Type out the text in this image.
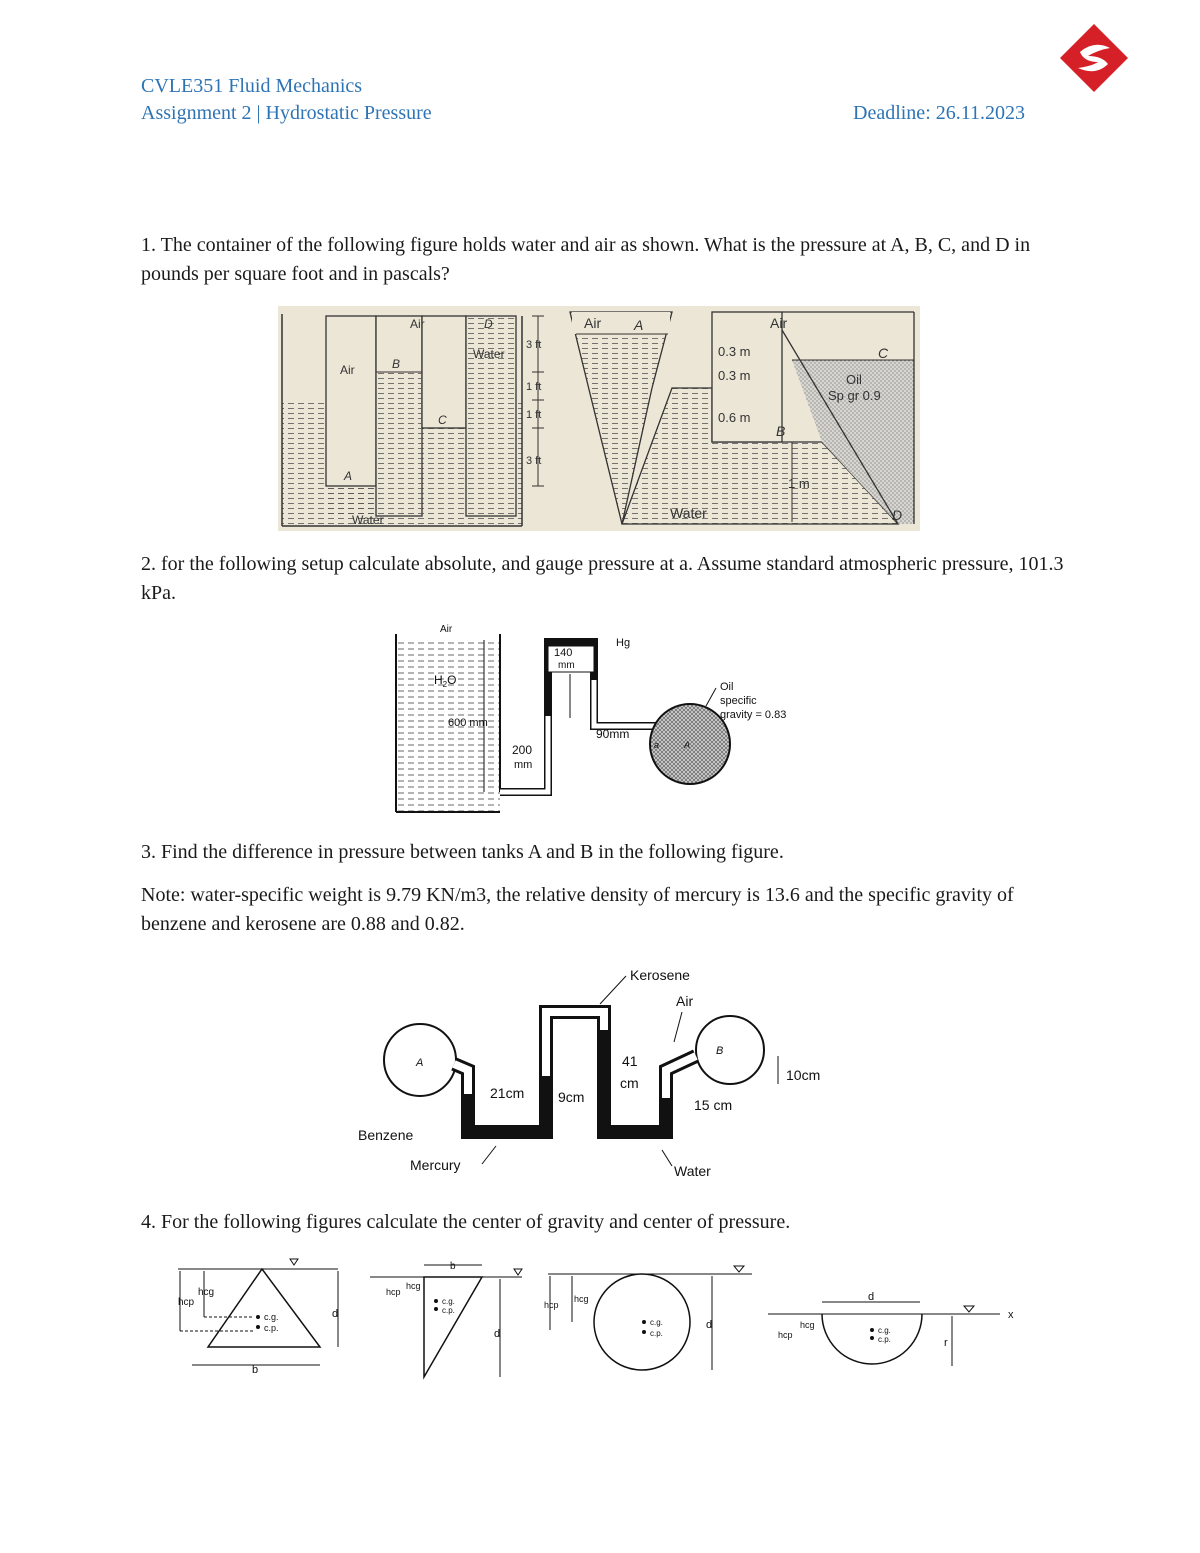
CVLE351 Fluid Mechanics
Assignment 2 | Hydrostatic Pressure	Deadline: 26.11.2023
1. The container of the following figure holds water and air as shown. What is the pressure at A, B, C, and D in pounds per square foot and in pascals?
Air
Air
Water
Water
A
B
C
D
3 ft
1 ft
1 ft
3 ft
Air A	Air
0.3 m
0.3 m
0.6 m
B
C
Oil
Sp gr 0.9
1 m
Water	D
2. for the following setup calculate absolute, and gauge pressure at a. Assume standard atmospheric pressure, 101.3 kPa.
Air
$H_2O$
600 mm
140
mm
Hg
200
mm
90mm
a	A
Oil
specific
gravity = 0.83
3. Find the difference in pressure between tanks A and B in the following figure.
Note: water-specific weight is 9.79 KN/m3, the relative density of mercury is 13.6 and the specific gravity of benzene and kerosene are 0.88 and 0.82.
A
B
Kerosene
Air
21cm 9cm
41
cm	10cm
15 cm
Benzene
Mercury	Water
4. For the following figures calculate the center of gravity and center of pressure.
hcg
hcp
c.g.
c.p.
d
b
b
hcp
hcg
c.g.
c.p.
d
hcp
hcg
c.g.
c.p.
d
x
d
hcp
hcg
c.g.
c.p.	r
